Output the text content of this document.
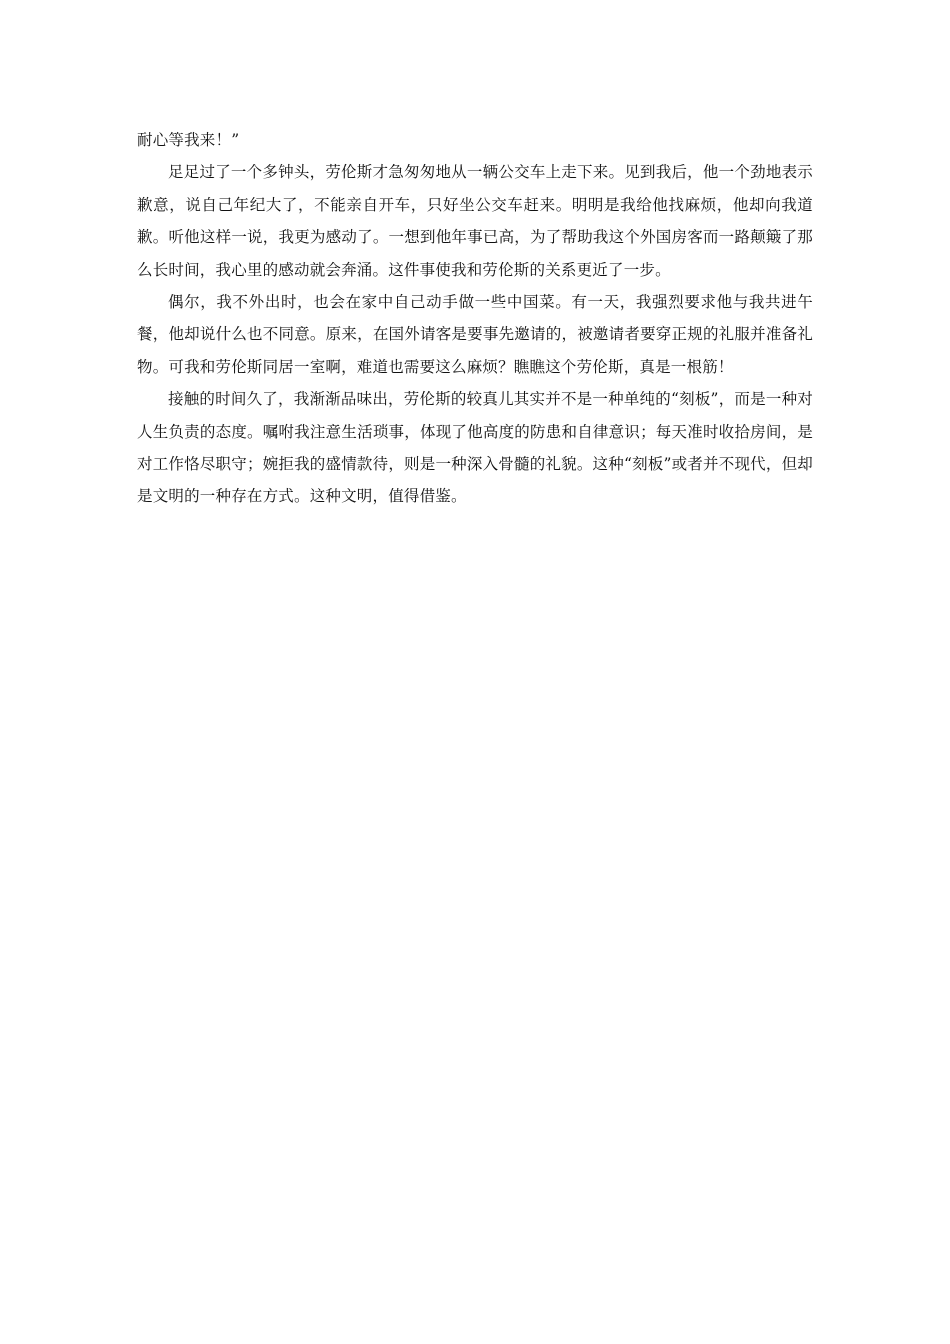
耐心等我来！”

足足过了一个多钟头，劳伦斯才急匆匆地从一辆公交车上走下来。见到我后，他一个劲地表示歉意，说自己年纪大了，不能亲自开车，只好坐公交车赶来。明明是我给他找麻烦，他却向我道歉。听他这样一说，我更为感动了。一想到他年事已高，为了帮助我这个外国房客而一路颠簸了那么长时间，我心里的感动就会奔涌。这件事使我和劳伦斯的关系更近了一步。

偶尔，我不外出时，也会在家中自己动手做一些中国菜。有一天，我强烈要求他与我共进午餐，他却说什么也不同意。原来，在国外请客是要事先邀请的，被邀请者要穿正规的礼服并准备礼物。可我和劳伦斯同居一室啊，难道也需要这么麻烦？瞧瞧这个劳伦斯，真是一根筋！

接触的时间久了，我渐渐品味出，劳伦斯的较真儿其实并不是一种单纯的“刻板”，而是一种对人生负责的态度。嘱咐我注意生活琐事，体现了他高度的防患和自律意识；每天准时收拾房间，是对工作恪尽职守；婉拒我的盛情款待，则是一种深入骨髓的礼貌。这种“刻板”或者并不现代，但却是文明的一种存在方式。这种文明，值得借鉴。
